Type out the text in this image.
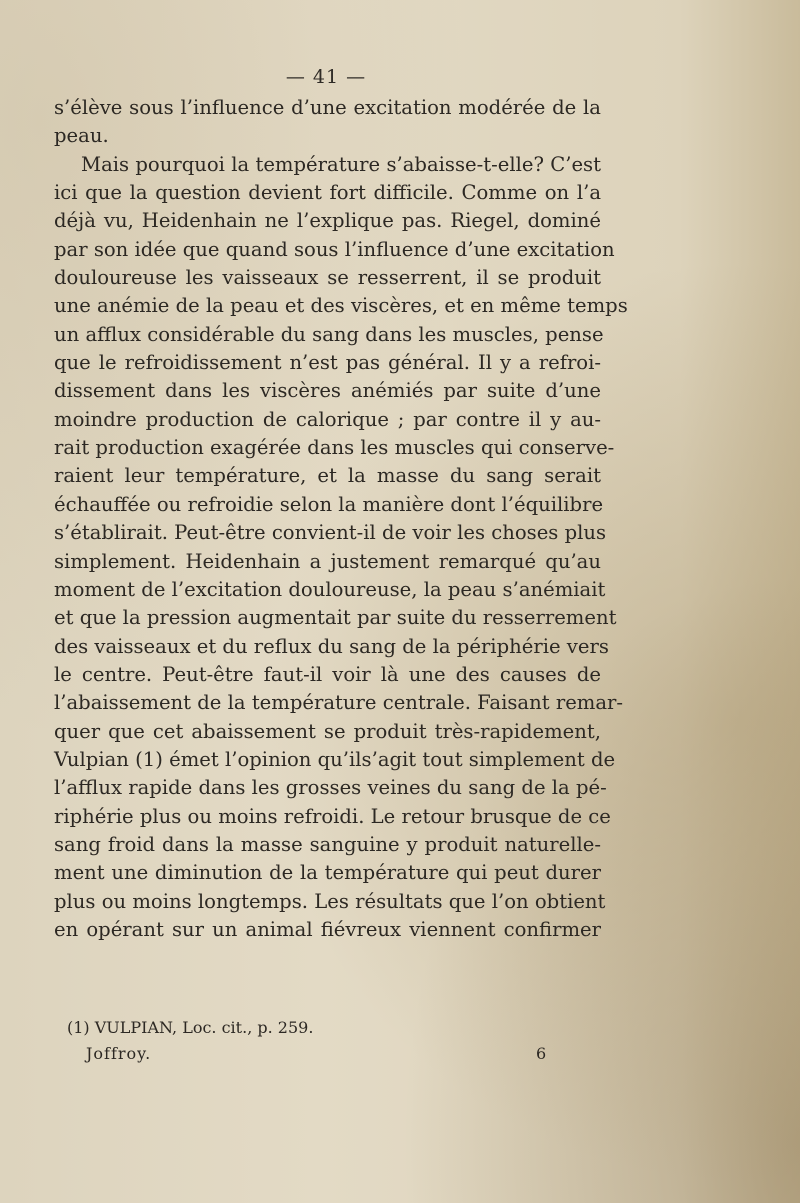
— 41 —
s’élève sous l’influence d’une excitation modérée de la
peau.
Mais pourquoi la température s’abaisse-t-elle? C’est
ici que la question devient fort difficile. Comme on l’a
déjà vu, Heidenhain ne l’explique pas. Riegel, dominé
par son idée que quand sous l’influence d’une excitation
douloureuse les vaisseaux se resserrent, il se produit
une anémie de la peau et des viscères, et en même temps
un afflux considérable du sang dans les muscles, pense
que le refroidissement n’est pas général. Il y a refroi-
dissement dans les viscères anémiés par suite d’une
moindre production de calorique ; par contre il y au-
rait production exagérée dans les muscles qui conserve-
raient leur température, et la masse du sang serait
échauffée ou refroidie selon la manière dont l’équilibre
s’établirait. Peut-être convient-il de voir les choses plus
simplement. Heidenhain a justement remarqué qu’au
moment de l’excitation douloureuse, la peau s’anémiait
et que la pression augmentait par suite du resserrement
des vaisseaux et du reflux du sang de la périphérie vers
le centre. Peut-être faut-il voir là une des causes de
l’abaissement de la température centrale. Faisant remar-
quer que cet abaissement se produit très-rapidement,
Vulpian (1) émet l’opinion qu’ils’agit tout simplement de
l’afflux rapide dans les grosses veines du sang de la pé-
riphérie plus ou moins refroidi. Le retour brusque de ce
sang froid dans la masse sanguine y produit naturelle-
ment une diminution de la température qui peut durer
plus ou moins longtemps. Les résultats que l’on obtient
en opérant sur un animal fiévreux viennent confirmer
(1) VULPIAN, Loc. cit., p. 259.
Joffroy.	6
